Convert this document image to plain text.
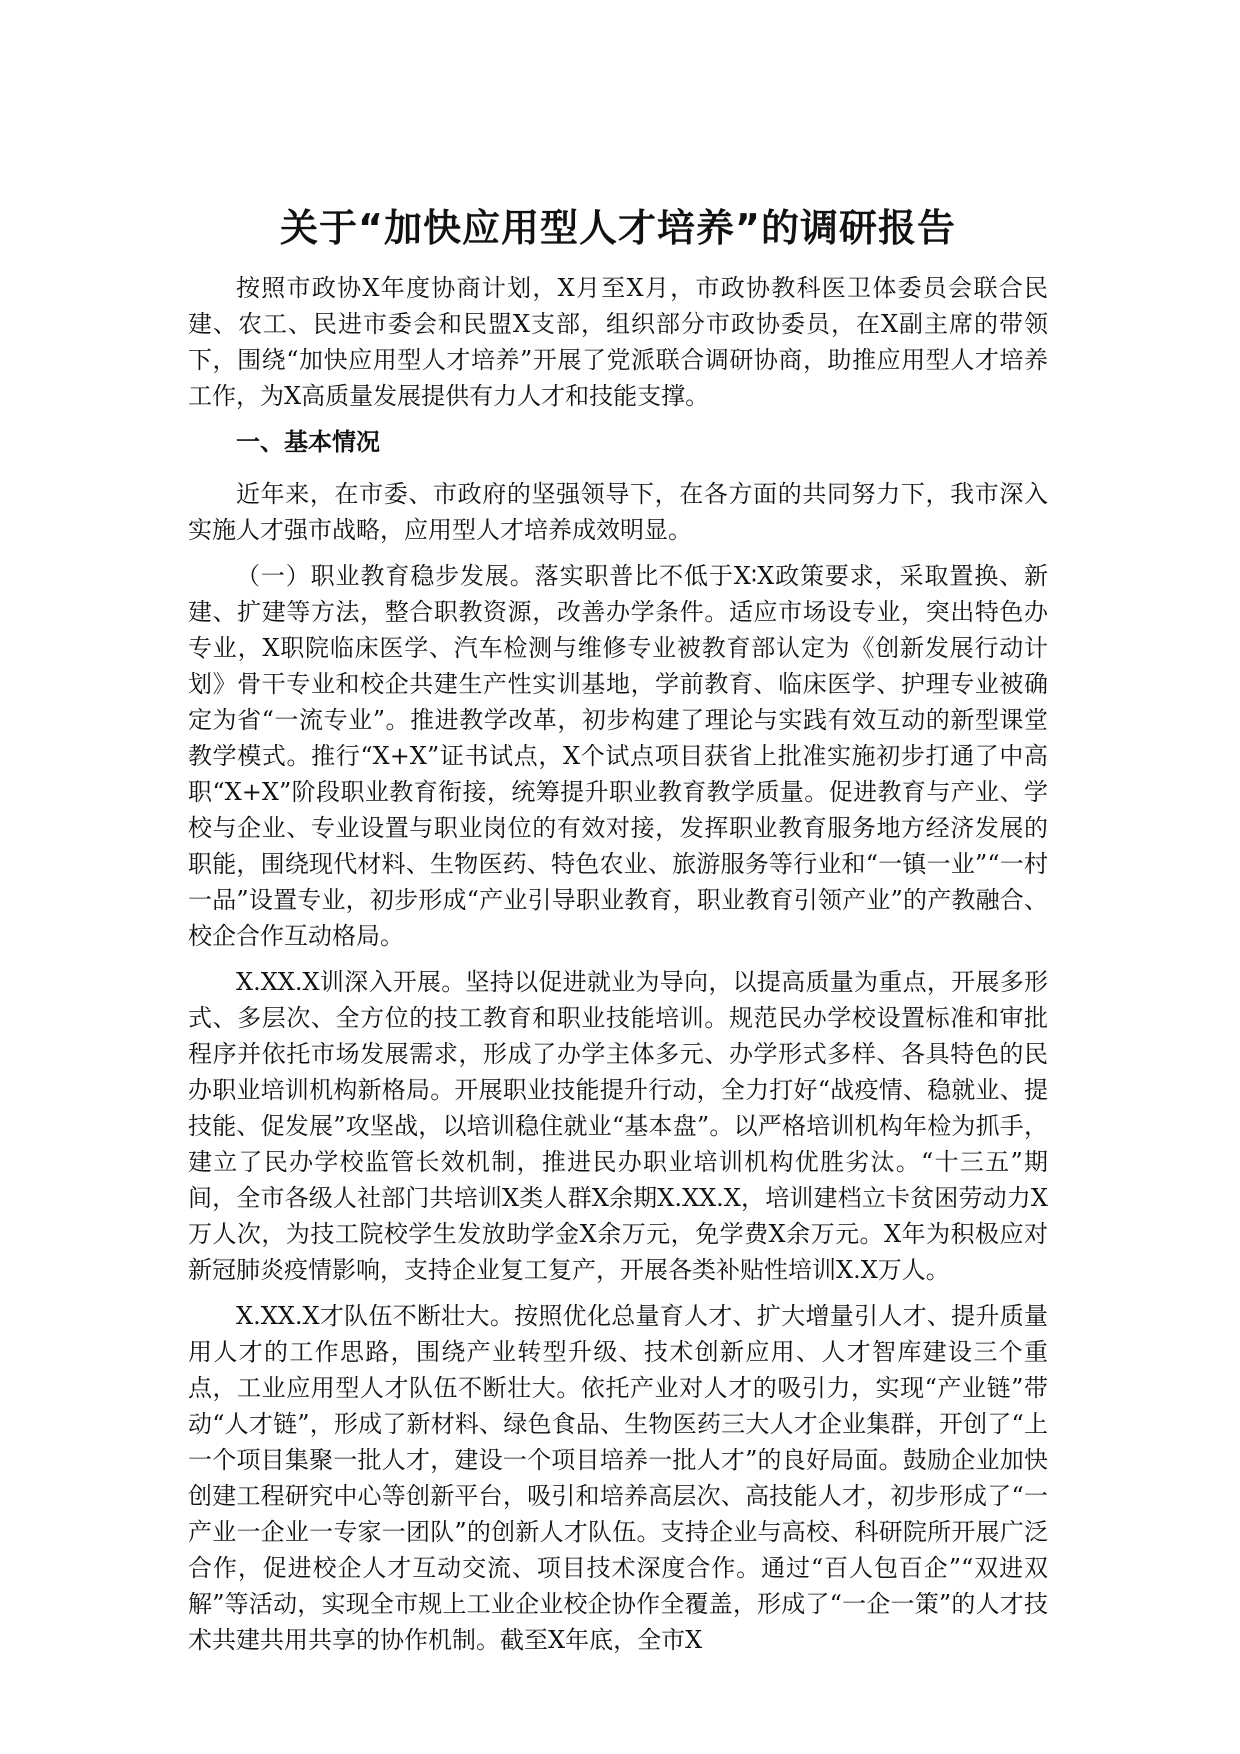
关于“加快应用型人才培养”的调研报告

按照市政协X年度协商计划，X月至X月，市政协教科医卫体委员会联合民建、农工、民进市委会和民盟X支部，组织部分市政协委员，在X副主席的带领下，围绕“加快应用型人才培养”开展了党派联合调研协商，助推应用型人才培养工作，为X高质量发展提供有力人才和技能支撑。

一、基本情况

近年来，在市委、市政府的坚强领导下，在各方面的共同努力下，我市深入实施人才强市战略，应用型人才培养成效明显。

（一）职业教育稳步发展。落实职普比不低于X∶X政策要求，采取置换、新建、扩建等方法，整合职教资源，改善办学条件。适应市场设专业，突出特色办专业，X职院临床医学、汽车检测与维修专业被教育部认定为《创新发展行动计划》骨干专业和校企共建生产性实训基地，学前教育、临床医学、护理专业被确定为省“一流专业”。推进教学改革，初步构建了理论与实践有效互动的新型课堂教学模式。推行“X+X”证书试点，X个试点项目获省上批准实施初步打通了中高职“X+X”阶段职业教育衔接，统筹提升职业教育教学质量。促进教育与产业、学校与企业、专业设置与职业岗位的有效对接，发挥职业教育服务地方经济发展的职能，围绕现代材料、生物医药、特色农业、旅游服务等行业和“一镇一业”“一村一品”设置专业，初步形成“产业引导职业教育，职业教育引领产业”的产教融合、校企合作互动格局。

X.XX.X训深入开展。坚持以促进就业为导向，以提高质量为重点，开展多形式、多层次、全方位的技工教育和职业技能培训。规范民办学校设置标准和审批程序并依托市场发展需求，形成了办学主体多元、办学形式多样、各具特色的民办职业培训机构新格局。开展职业技能提升行动，全力打好“战疫情、稳就业、提技能、促发展”攻坚战，以培训稳住就业“基本盘”。以严格培训机构年检为抓手，建立了民办学校监管长效机制，推进民办职业培训机构优胜劣汰。“十三五”期间，全市各级人社部门共培训X类人群X余期X.XX.X，培训建档立卡贫困劳动力X万人次，为技工院校学生发放助学金X余万元，免学费X余万元。X年为积极应对新冠肺炎疫情影响，支持企业复工复产，开展各类补贴性培训X.X万人。

X.XX.X才队伍不断壮大。按照优化总量育人才、扩大增量引人才、提升质量用人才的工作思路，围绕产业转型升级、技术创新应用、人才智库建设三个重点，工业应用型人才队伍不断壮大。依托产业对人才的吸引力，实现“产业链”带动“人才链”，形成了新材料、绿色食品、生物医药三大人才企业集群，开创了“上一个项目集聚一批人才，建设一个项目培养一批人才”的良好局面。鼓励企业加快创建工程研究中心等创新平台，吸引和培养高层次、高技能人才，初步形成了“一产业一企业一专家一团队”的创新人才队伍。支持企业与高校、科研院所开展广泛合作，促进校企人才互动交流、项目技术深度合作。通过“百人包百企”“双进双解”等活动，实现全市规上工业企业校企协作全覆盖，形成了“一企一策”的人才技术共建共用共享的协作机制。截至X年底，全市X
